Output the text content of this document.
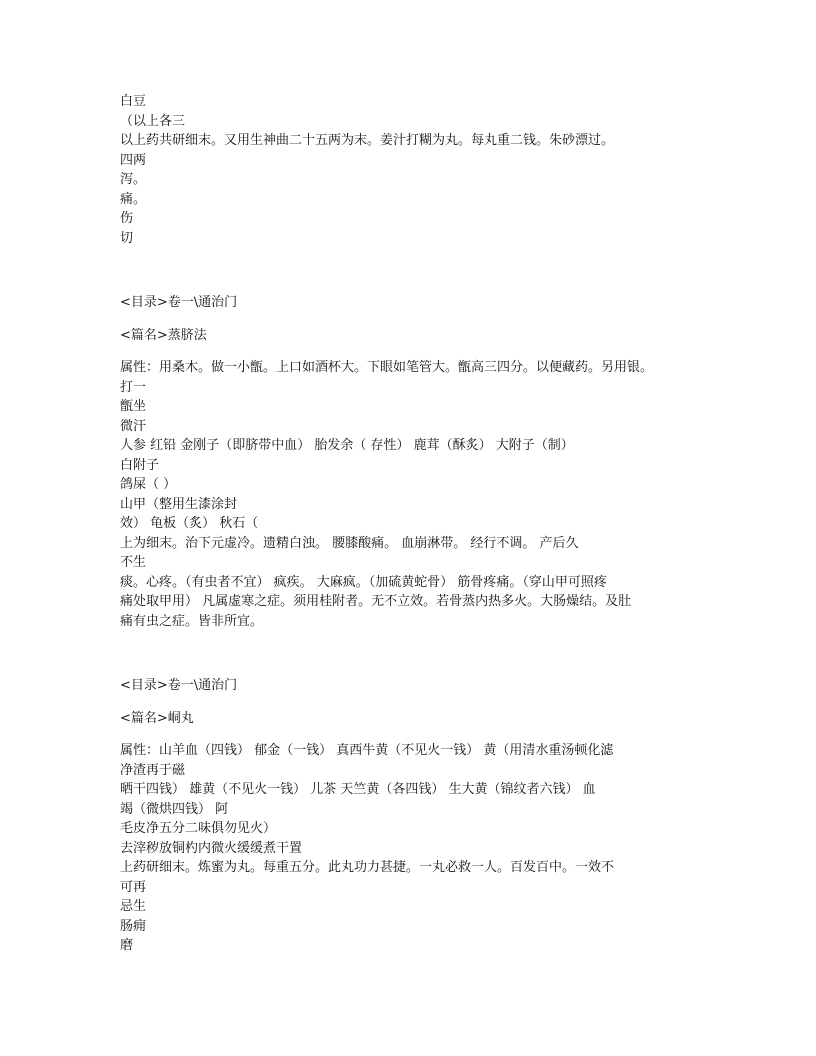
白豆
（以上各三
以上药共研细末。又用生神曲二十五两为末。姜汁打糊为丸。每丸重二钱。朱砂漂过。
四两
泻。
痛。
伤
切
<目录>卷一\通治门
<篇名>蒸脐法
属性：用桑木。做一小甑。上口如酒杯大。下眼如笔管大。甑高三四分。以便藏药。另用银。
打一
甑坐
微汗
人参 红铅 金刚子（即脐带中血） 胎发余（ 存性） 鹿茸（酥炙） 大附子（制）
白附子
鸽屎（ ）
山甲（整用生漆涂封
效） 龟板（炙） 秋石（
上为细末。治下元虚冷。遗精白浊。 腰膝酸痛。 血崩淋带。 经行不调。 产后久
不生
痰。心疼。（有虫者不宜） 疯疾。 大麻疯。（加硫黄蛇骨） 筋骨疼痛。（穿山甲可照疼
痛处取甲用） 凡属虚寒之症。须用桂附者。无不立效。若骨蒸内热多火。大肠燥结。及肚
痛有虫之症。皆非所宜。
<目录>卷一\通治门
<篇名>峒丸
属性：山羊血（四钱） 郁金（一钱） 真西牛黄（不见火一钱） 黄（用清水重汤顿化滤
净渣再于磁
晒干四钱） 雄黄（不见火一钱） 儿茶 天竺黄（各四钱） 生大黄（锦纹者六钱） 血
竭（微烘四钱） 阿
毛皮净五分二味俱勿见火）
去滓秽放铜杓内微火缓缓煮干置
上药研细末。炼蜜为丸。每重五分。此丸功力甚捷。一丸必救一人。百发百中。一效不
可再
忌生
肠痈
磨
